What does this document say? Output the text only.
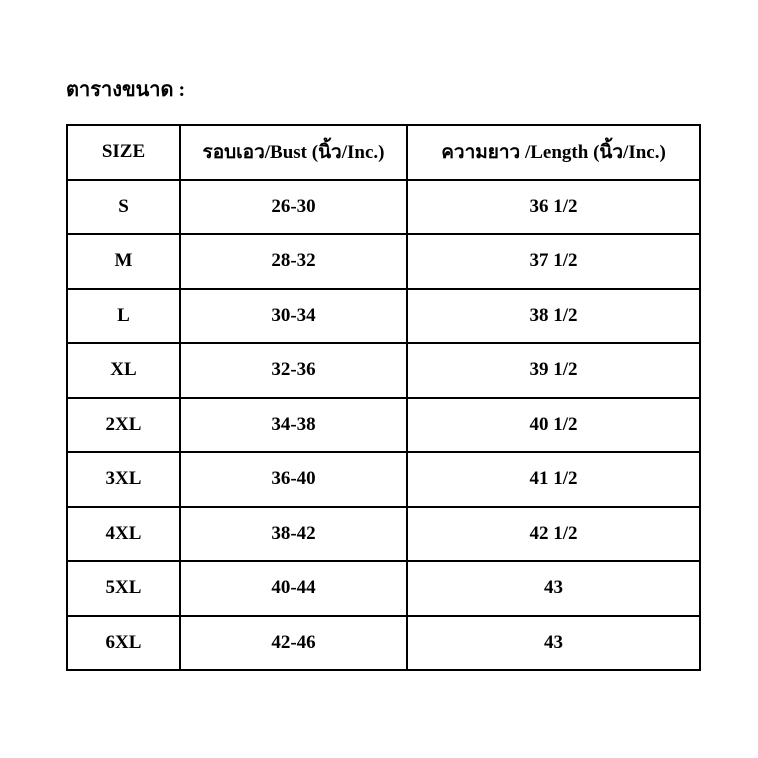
ตารางขนาด :
SIZE	รอบเอว/Bust (นิ้ว/Inc.)	ความยาว /Length (นิ้ว/Inc.)
S	26-30	36 1/2
M	28-32	37 1/2
L	30-34	38 1/2
XL	32-36	39 1/2
2XL	34-38	40 1/2
3XL	36-40	41 1/2
4XL	38-42	42 1/2
5XL	40-44	43
6XL	42-46	43
